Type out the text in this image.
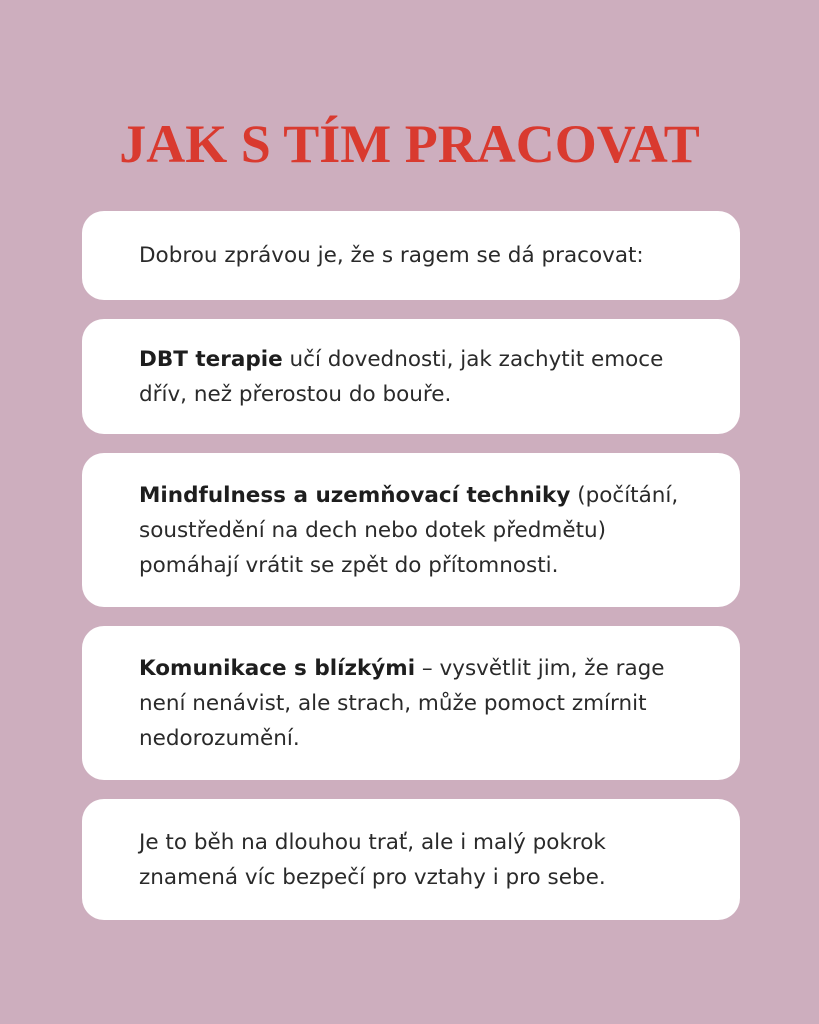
JAK S TÍM PRACOVAT

Dobrou zprávou je, že s ragem se dá pracovat:

DBT terapie učí dovednosti, jak zachytit emoce dřív, než přerostou do bouře.

Mindfulness a uzemňovací techniky (počítání, soustředění na dech nebo dotek předmětu) pomáhají vrátit se zpět do přítomnosti.

Komunikace s blízkými – vysvětlit jim, že rage není nenávist, ale strach, může pomoct zmírnit nedorozumění.

Je to běh na dlouhou trať, ale i malý pokrok znamená víc bezpečí pro vztahy i pro sebe.
